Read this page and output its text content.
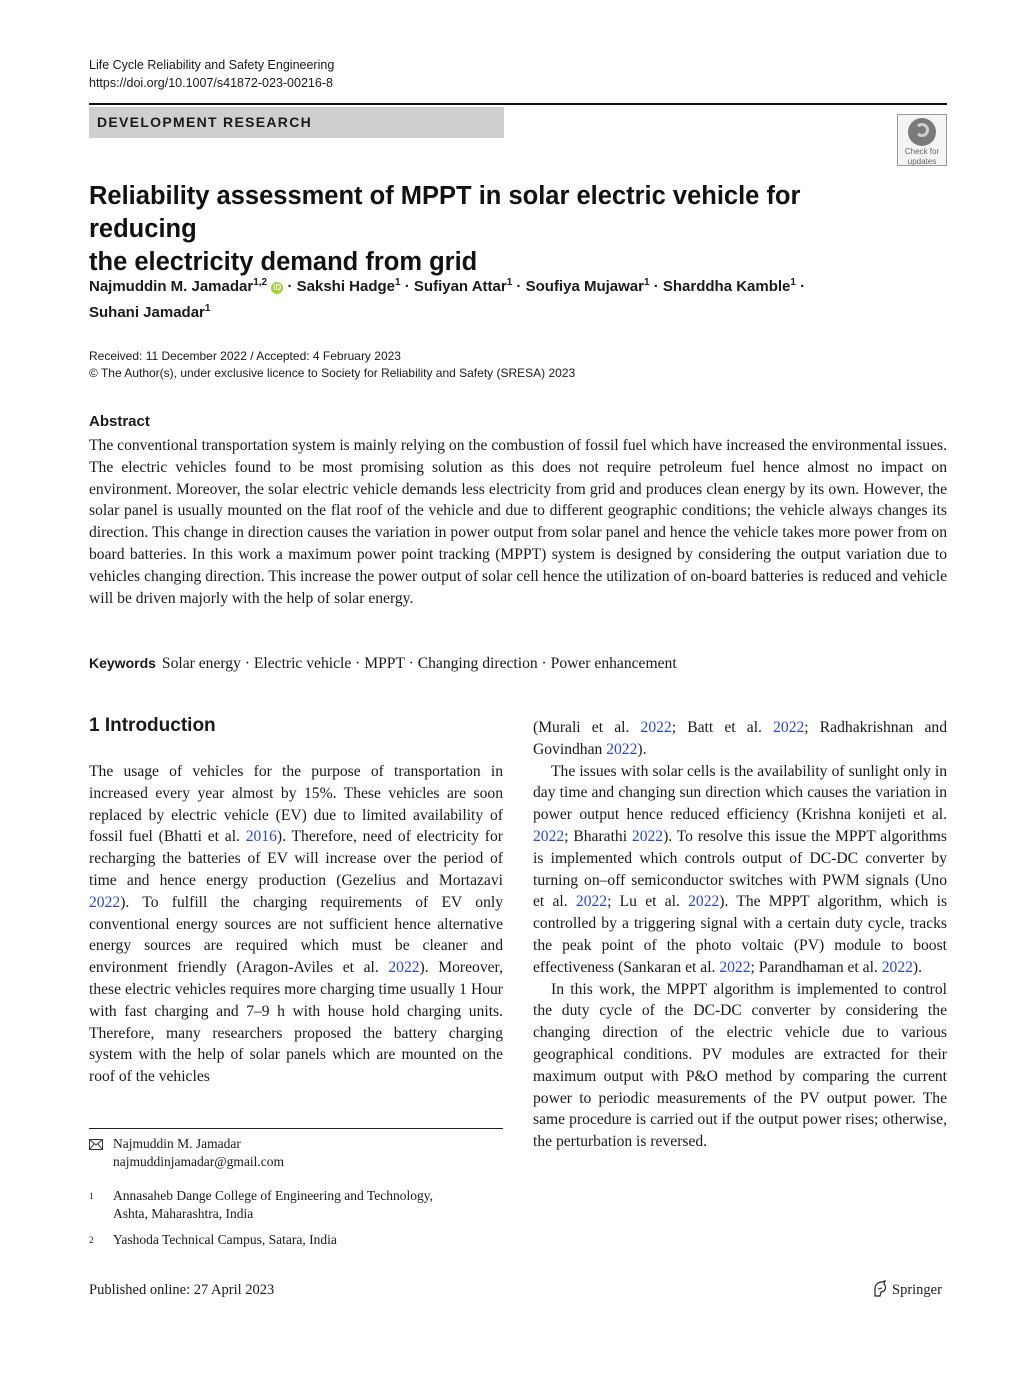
Life Cycle Reliability and Safety Engineering
https://doi.org/10.1007/s41872-023-00216-8
DEVELOPMENT RESEARCH
Check for
updates
Reliability assessment of MPPT in solar electric vehicle for reducing
the electricity demand from grid
Najmuddin M. Jamadar$^{1,2}$ iD · Sakshi Hadge$^1$ · Sufiyan Attar$^1$ · Soufiya Mujawar$^1$ · Sharddha Kamble$^1$ ·
Suhani Jamadar$^1$
Received: 11 December 2022 / Accepted: 4 February 2023
© The Author(s), under exclusive licence to Society for Reliability and Safety (SRESA) 2023
Abstract
The conventional transportation system is mainly relying on the combustion of fossil fuel which have increased the environmental issues. The electric vehicles found to be most promising solution as this does not require petroleum fuel hence almost no impact on environment. Moreover, the solar electric vehicle demands less electricity from grid and produces clean energy by its own. However, the solar panel is usually mounted on the flat roof of the vehicle and due to different geographic conditions; the vehicle always changes its direction. This change in direction causes the variation in power output from solar panel and hence the vehicle takes more power from on board batteries. In this work a maximum power point tracking (MPPT) system is designed by considering the output variation due to vehicles changing direction. This increase the power output of solar cell hence the utilization of on-board batteries is reduced and vehicle will be driven majorly with the help of solar energy.
Keywords Solar energy · Electric vehicle · MPPT · Changing direction · Power enhancement
1 Introduction

The usage of vehicles for the purpose of transportation in increased every year almost by 15%. These vehicles are soon replaced by electric vehicle (EV) due to limited availability of fossil fuel (Bhatti et al. 2016). Therefore, need of electricity for recharging the batteries of EV will increase over the period of time and hence energy production (Gezelius and Mortazavi 2022). To fulfill the charging requirements of EV only conventional energy sources are not sufficient hence alternative energy sources are required which must be cleaner and environment friendly (Aragon-Aviles et al. 2022). Moreover, these electric vehicles requires more charging time usually 1 Hour with fast charging and 7–9 h with house hold charging units. Therefore, many researchers proposed the battery charging system with the help of solar panels which are mounted on the roof of the vehicles

(Murali et al. 2022; Batt et al. 2022; Radhakrishnan and Govindhan 2022).

The issues with solar cells is the availability of sunlight only in day time and changing sun direction which causes the variation in power output hence reduced efficiency (Krishna konijeti et al. 2022; Bharathi 2022). To resolve this issue the MPPT algorithms is implemented which controls output of DC-DC converter by turning on–off semiconductor switches with PWM signals (Uno et al. 2022; Lu et al. 2022). The MPPT algorithm, which is controlled by a triggering signal with a certain duty cycle, tracks the peak point of the photo voltaic (PV) module to boost effectiveness (Sankaran et al. 2022; Parandhaman et al. 2022).

In this work, the MPPT algorithm is implemented to control the duty cycle of the DC-DC converter by considering the changing direction of the electric vehicle due to various geographical conditions. PV modules are extracted for their maximum output with P&O method by comparing the current power to periodic measurements of the PV output power. The same procedure is carried out if the output power rises; otherwise, the perturbation is reversed.

Najmuddin M. Jamadar
najmuddinjamadar@gmail.com
1 Annasaheb Dange College of Engineering and Technology,
Ashta, Maharashtra, India
2 Yashoda Technical Campus, Satara, India
Published online: 27 April 2023	Springer
